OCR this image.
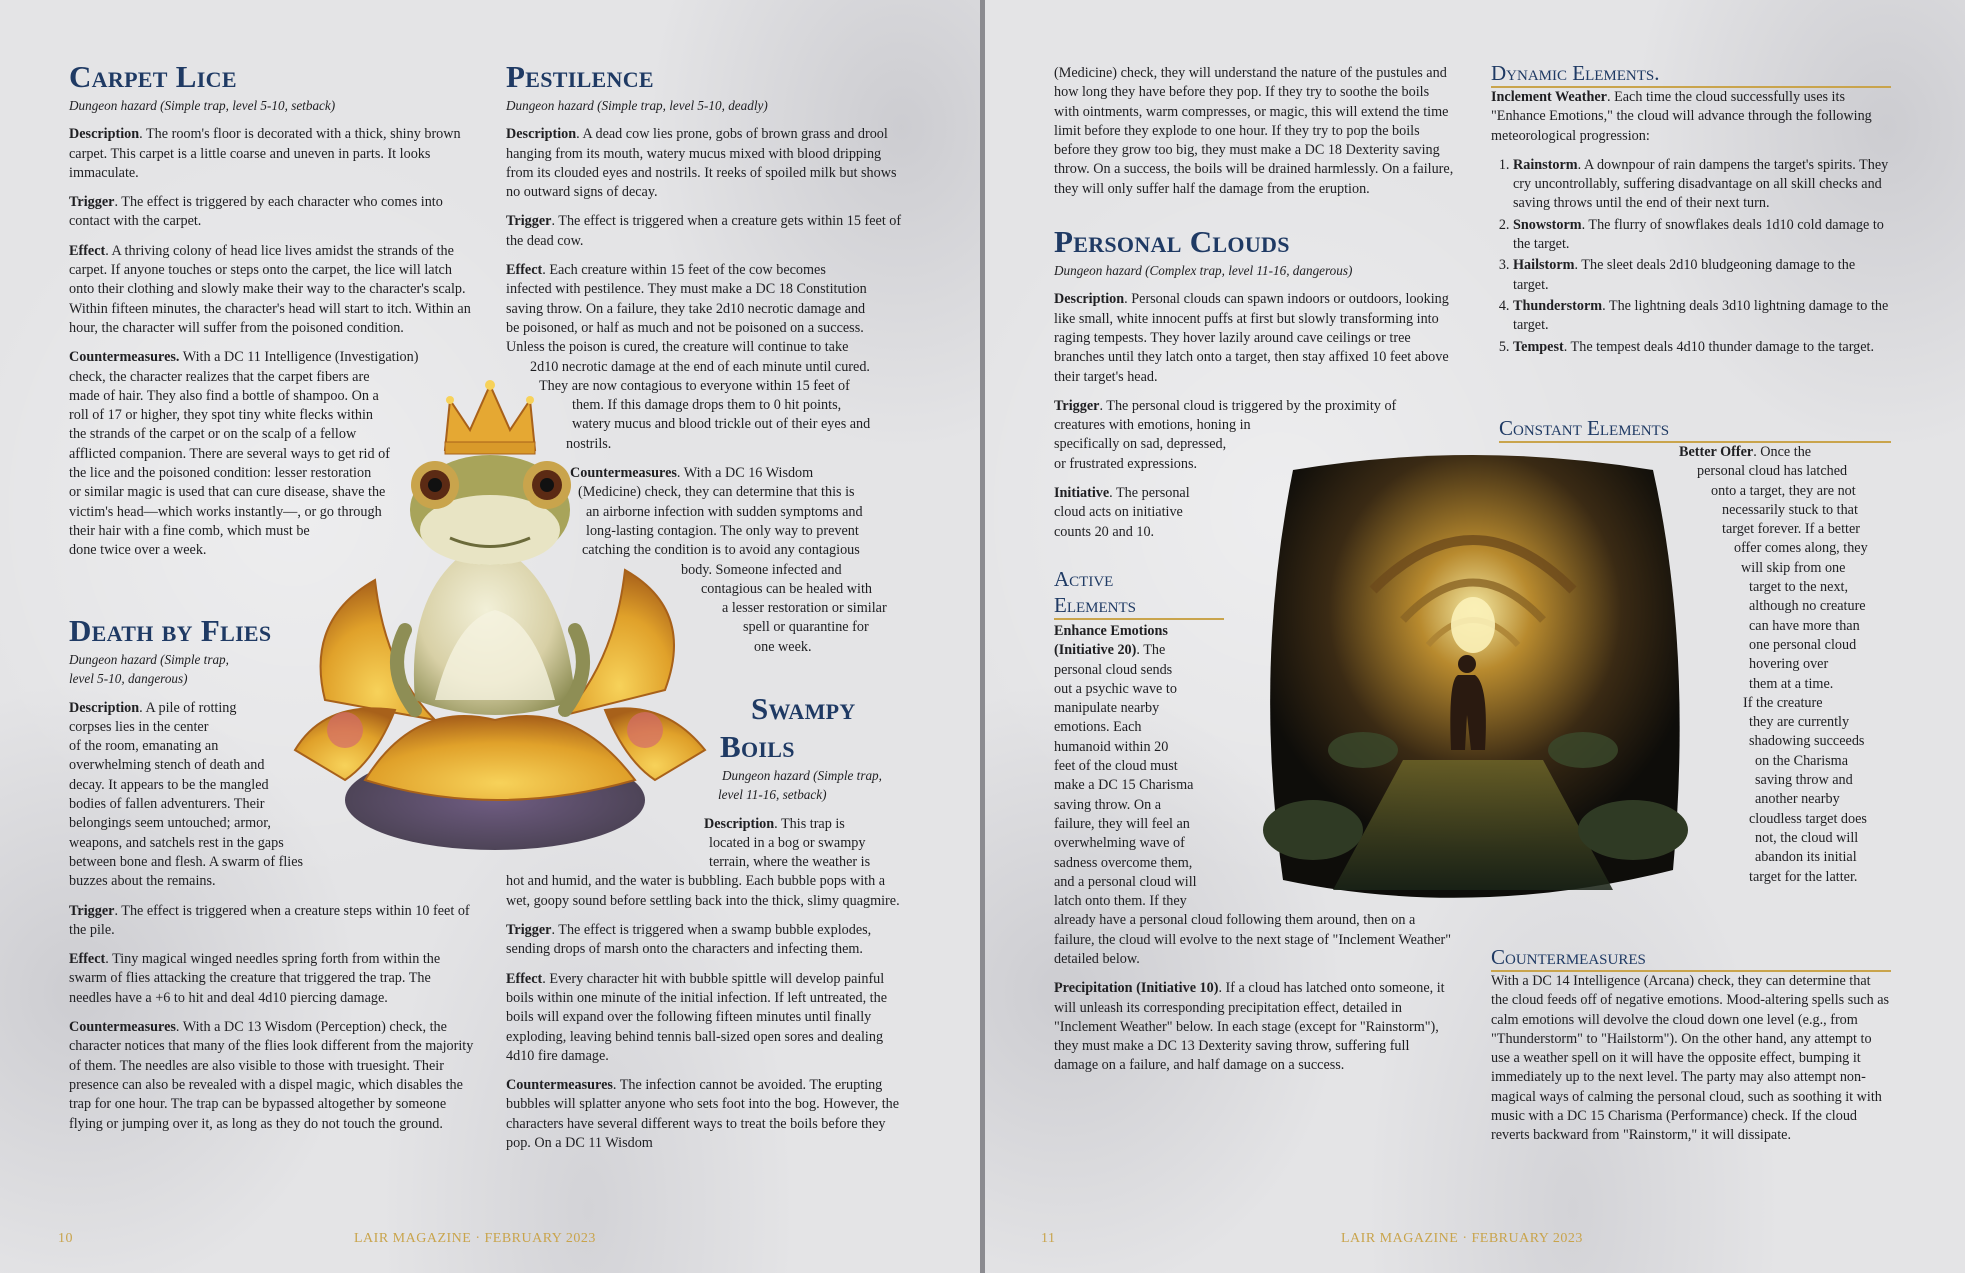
Carpet Lice
Dungeon hazard (Simple trap, level 5-10, setback)

Description. The room's floor is decorated with a thick, shiny brown carpet. This carpet is a little coarse and uneven in parts. It looks immaculate.

Trigger. The effect is triggered by each character who comes into contact with the carpet.

Effect. A thriving colony of head lice lives amidst the strands of the carpet. If anyone touches or steps onto the carpet, the lice will latch onto their clothing and slowly make their way to the character's scalp. Within fifteen minutes, the character's head will start to itch. Within an hour, the character will suffer from the poisoned condition.

Countermeasures. With a DC 11 Intelligence (Investigation)
check, the character realizes that the carpet fibers are
made of hair. They also find a bottle of shampoo. On a
roll of 17 or higher, they spot tiny white flecks within
the strands of the carpet or on the scalp of a fellow
afflicted companion. There are several ways to get rid of
the lice and the poisoned condition: lesser restoration
or similar magic is used that can cure disease, shave the
victim's head—which works instantly—, or go through
their hair with a fine comb, which must be
done twice over a week.

Death by Flies
Dungeon hazard (Simple trap,
level 5-10, dangerous)

Description. A pile of rotting
corpses lies in the center
of the room, emanating an
overwhelming stench of death and
decay. It appears to be the mangled
bodies of fallen adventurers. Their
belongings seem untouched; armor,
weapons, and satchels rest in the gaps
between bone and flesh. A swarm of flies
buzzes about the remains.

Trigger. The effect is triggered when a creature steps within 10 feet of the pile.

Effect. Tiny magical winged needles spring forth from within the swarm of flies attacking the creature that triggered the trap. The needles have a +6 to hit and deal 4d10 piercing damage.

Countermeasures. With a DC 13 Wisdom (Perception) check, the character notices that many of the flies look different from the majority of them. The needles are also visible to those with truesight. Their presence can also be revealed with a dispel magic, which disables the trap for one hour. The trap can be bypassed altogether by someone flying or jumping over it, as long as they do not touch the ground.

Pestilence
Dungeon hazard (Simple trap, level 5-10, deadly)

Description. A dead cow lies prone, gobs of brown grass and drool hanging from its mouth, watery mucus mixed with blood dripping from its clouded eyes and nostrils. It reeks of spoiled milk but shows no outward signs of decay.

Trigger. The effect is triggered when a creature gets within 15 feet of the dead cow.

Effect. Each creature within 15 feet of the cow becomes
infected with pestilence. They must make a DC 18 Constitution
saving throw. On a failure, they take 2d10 necrotic damage and
be poisoned, or half as much and not be poisoned on a success.
Unless the poison is cured, the creature will continue to take
2d10 necrotic damage at the end of each minute until cured.
They are now contagious to everyone within 15 feet of
them. If this damage drops them to 0 hit points,
watery mucus and blood trickle out of their eyes and
nostrils.

Countermeasures. With a DC 16 Wisdom
(Medicine) check, they can determine that this is
an airborne infection with sudden symptoms and
long-lasting contagion. The only way to prevent
catching the condition is to avoid any contagious
body. Someone infected and
contagious can be healed with
a lesser restoration or similar
spell or quarantine for
one week.

Swampy
Boils
Dungeon hazard (Simple trap,
level 11-16, setback)

Description. This trap is
located in a bog or swampy
terrain, where the weather is
hot and humid, and the water is bubbling. Each bubble pops with a wet, goopy sound before settling back into the thick, slimy quagmire.

Trigger. The effect is triggered when a swamp bubble explodes, sending drops of marsh onto the characters and infecting them.

Effect. Every character hit with bubble spittle will develop painful boils within one minute of the initial infection. If left untreated, the boils will expand over the following fifteen minutes until finally exploding, leaving behind tennis ball-sized open sores and dealing 4d10 fire damage.

Countermeasures. The infection cannot be avoided. The erupting bubbles will splatter anyone who sets foot into the bog. However, the characters have several different ways to treat the boils before they pop. On a DC 11 Wisdom

10	LAIR MAGAZINE · FEBRUARY 2023

(Medicine) check, they will understand the nature of the pustules and how long they have before they pop. If they try to soothe the boils with ointments, warm compresses, or magic, this will extend the time limit before they explode to one hour. If they try to pop the boils before they grow too big, they must make a DC 18 Dexterity saving throw. On a success, the boils will be drained harmlessly. On a failure, they will only suffer half the damage from the eruption.

Personal Clouds
Dungeon hazard (Complex trap, level 11-16, dangerous)

Description. Personal clouds can spawn indoors or outdoors, looking like small, white innocent puffs at first but slowly transforming into raging tempests. They hover lazily around cave ceilings or tree branches until they latch onto a target, then stay affixed 10 feet above their target's head.

Trigger. The personal cloud is triggered by the proximity of
creatures with emotions, honing in
specifically on sad, depressed,
or frustrated expressions.

Initiative. The personal
cloud acts on initiative
counts 20 and 10.

Active
Elements

Enhance Emotions
(Initiative 20). The
personal cloud sends
out a psychic wave to
manipulate nearby
emotions. Each
humanoid within 20
feet of the cloud must
make a DC 15 Charisma
saving throw. On a
failure, they will feel an
overwhelming wave of
sadness overcome them,
and a personal cloud will
latch onto them. If they
already have a personal cloud following them around, then on a failure, the cloud will evolve to the next stage of "Inclement Weather" detailed below.

Precipitation (Initiative 10). If a cloud has latched onto someone, it will unleash its corresponding precipitation effect, detailed in "Inclement Weather" below. In each stage (except for "Rainstorm"), they must make a DC 13 Dexterity saving throw, suffering full damage on a failure, and half damage on a success.

Dynamic Elements.

Inclement Weather. Each time the cloud successfully uses its "Enhance Emotions," the cloud will advance through the following meteorological progression:

1. Rainstorm. A downpour of rain dampens the target's spirits. They cry uncontrollably, suffering disadvantage on all skill checks and saving throws until the end of their next turn.
2. Snowstorm. The flurry of snowflakes deals 1d10 cold damage to the target.
3. Hailstorm. The sleet deals 2d10 bludgeoning damage to the target.
4. Thunderstorm. The lightning deals 3d10 lightning damage to the target.
5. Tempest. The tempest deals 4d10 thunder damage to the target.
Constant Elements

Better Offer. Once the
personal cloud has latched
onto a target, they are not
necessarily stuck to that
target forever. If a better
offer comes along, they
will skip from one
target to the next,
although no creature
can have more than
one personal cloud
hovering over
them at a time.
If the creature
they are currently
shadowing succeeds
on the Charisma
saving throw and
another nearby
cloudless target does
not, the cloud will
abandon its initial
target for the latter.

Countermeasures

With a DC 14 Intelligence (Arcana) check, they can determine that the cloud feeds off of negative emotions. Mood-altering spells such as calm emotions will devolve the cloud down one level (e.g., from "Thunderstorm" to "Hailstorm"). On the other hand, any attempt to use a weather spell on it will have the opposite effect, bumping it immediately up to the next level. The party may also attempt non-magical ways of calming the personal cloud, such as soothing it with music with a DC 15 Charisma (Performance) check. If the cloud reverts backward from "Rainstorm," it will dissipate.

11	LAIR MAGAZINE · FEBRUARY 2023
